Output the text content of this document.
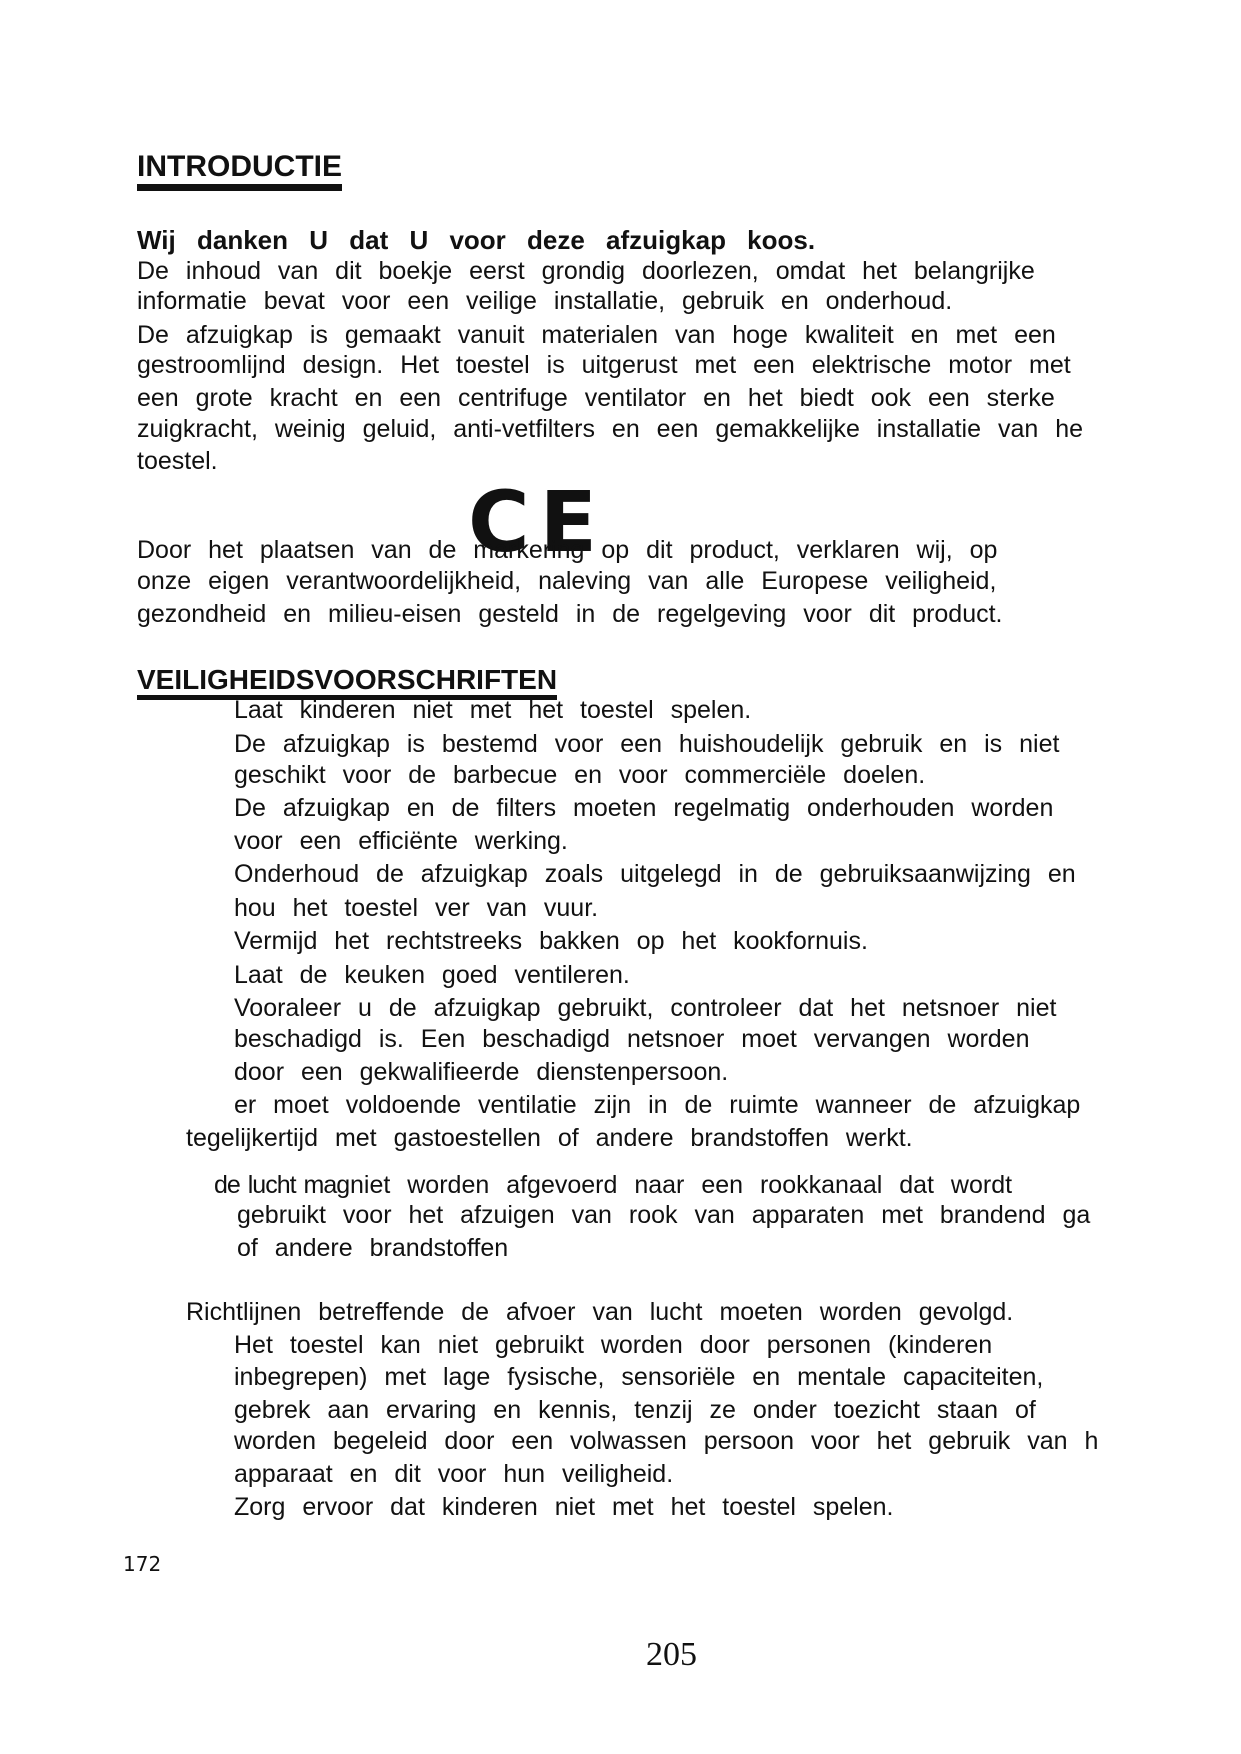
INTRODUCTIE
Wij danken U dat U voor deze afzuigkap koos.
De inhoud van dit boekje eerst grondig doorlezen, omdat het belangrijke
informatie bevat voor een veilige installatie, gebruik en onderhoud.
De afzuigkap is gemaakt vanuit materialen van hoge kwaliteit en met een
gestroomlijnd design. Het toestel is uitgerust met een elektrische motor met
een grote kracht en een centrifuge ventilator en het biedt ook een sterke
zuigkracht, weinig geluid, anti-vetfilters en een gemakkelijke installatie van he
toestel.
CE
Door het plaatsen van de markering op dit product, verklaren wij, op
onze eigen verantwoordelijkheid, naleving van alle Europese veiligheid,
gezondheid en milieu-eisen gesteld in de regelgeving voor dit product.
VEILIGHEIDSVOORSCHRIFTEN
Laat kinderen niet met het toestel spelen.
De afzuigkap is bestemd voor een huishoudelijk gebruik en is niet
geschikt voor de barbecue en voor commerciële doelen.
De afzuigkap en de filters moeten regelmatig onderhouden worden
voor een efficiënte werking.
Onderhoud de afzuigkap zoals uitgelegd in de gebruiksaanwijzing en
hou het toestel ver van vuur.
Vermijd het rechtstreeks bakken op het kookfornuis.
Laat de keuken goed ventileren.
Vooraleer u de afzuigkap gebruikt, controleer dat het netsnoer niet
beschadigd is. Een beschadigd netsnoer moet vervangen worden
door een gekwalifieerde dienstenpersoon.
er moet voldoende ventilatie zijn in de ruimte wanneer de afzuigkap
tegelijkertijd met gastoestellen of andere brandstoffen werkt.
de lucht mag niet worden afgevoerd naar een rookkanaal dat wordt
gebruikt voor het afzuigen van rook van apparaten met brandend ga
of andere brandstoffen
Richtlijnen betreffende de afvoer van lucht moeten worden gevolgd.
Het toestel kan niet gebruikt worden door personen (kinderen
inbegrepen) met lage fysische, sensoriële en mentale capaciteiten,
gebrek aan ervaring en kennis, tenzij ze onder toezicht staan of
worden begeleid door een volwassen persoon voor het gebruik van h
apparaat en dit voor hun veiligheid.
Zorg ervoor dat kinderen niet met het toestel spelen.
172
205
